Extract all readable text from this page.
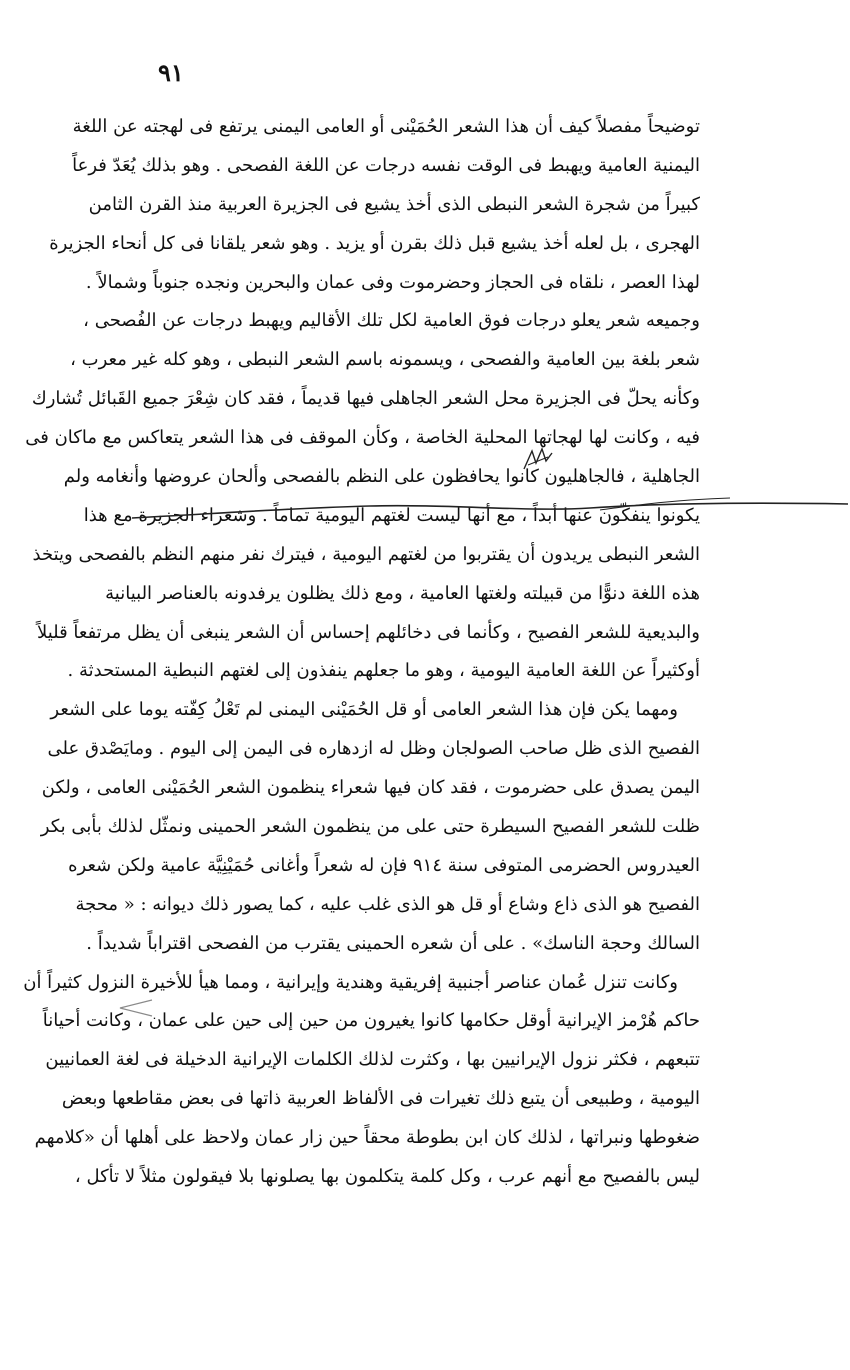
٩١
توضيحاً مفصلاً كيف أن هذا الشعر الحُمَيْنى أو العامى اليمنى يرتفع فى لهجته عن اللغة
اليمنية العامية ويهبط فى الوقت نفسه درجات عن اللغة الفصحى . وهو بذلك يُعَدّ فرعاً
كبيراً من شجرة الشعر النبطى الذى أخذ يشيع فى الجزيرة العربية منذ القرن الثامن
الهجرى ، بل لعله أخذ يشيع قبل ذلك بقرن أو يزيد . وهو شعر يلقانا فى كل أنحاء الجزيرة
لهذا العصر ، نلقاه فى الحجاز وحضرموت وفى عمان والبحرين ونجده جنوباً وشمالاً .
وجميعه شعر يعلو درجات فوق العامية لكل تلك الأقاليم ويهبط درجات عن الفُصحى ،
شعر بلغة بين العامية والفصحى ، ويسمونه باسم الشعر النبطى ، وهو كله غير معرب ،
وكأنه يحلّ فى الجزيرة محل الشعر الجاهلى فيها قديماً ، فقد كان شِعْرَ جميع القَبائل تُشارك
فيه ، وكانت لها لهجاتها المحلية الخاصة ، وكأن الموقف فى هذا الشعر يتعاكس مع ماكان فى
الجاهلية ، فالجاهليون كانوا يحافظون على النظم بالفصحى وألحان عروضها وأنغامه ولم
يكونوا ينفكّون عنها أبداً ، مع أنها ليست لغتهم اليومية تماماً . وشعراء الجزيرة مع هذا
الشعر النبطى يريدون أن يقتربوا من لغتهم اليومية ، فيترك نفر منهم النظم بالفصحى ويتخذ
هذه اللغة دنوًّا من قبيلته ولغتها العامية ، ومع ذلك يظلون يرفدونه بالعناصر البيانية
والبديعية للشعر الفصيح ، وكأنما فى دخائلهم إحساس أن الشعر ينبغى أن يظل مرتفعاً قليلاً
أوكثيراً عن اللغة العامية اليومية ، وهو ما جعلهم ينفذون إلى لغتهم النبطية المستحدثة .
ومهما يكن فإن هذا الشعر العامى أو قل الحُمَيْنى اليمنى لم تَعْلُ كِفّته يوما على الشعر
الفصيح الذى ظل صاحب الصولجان وظل له ازدهاره فى اليمن إلى اليوم . ومايَصْدق على
اليمن يصدق على حضرموت ، فقد كان فيها شعراء ينظمون الشعر الحُمَيْنى العامى ، ولكن
ظلت للشعر الفصيح السيطرة حتى على من ينظمون الشعر الحمينى ونمثّل لذلك بأبى بكر
العيدروس الحضرمى المتوفى سنة ٩١٤ فإن له شعراً وأغانى حُمَيْنِيَّة عامية ولكن شعره
الفصيح هو الذى ذاع وشاع أو قل هو الذى غلب عليه ، كما يصور ذلك ديوانه : « محجة
السالك وحجة الناسك» . على أن شعره الحمينى يقترب من الفصحى اقتراباً شديداً .
وكانت تنزل عُمان عناصر أجنبية إفريقية وهندية وإيرانية ، ومما هيأ للأخيرة النزول كثيراً أن
حاكم هُرْمز الإيرانية أوقل حكامها كانوا يغيرون من حين إلى حين على عمان ، وكانت أحياناً
تتبعهم ، فكثر نزول الإيرانيين بها ، وكثرت لذلك الكلمات الإيرانية الدخيلة فى لغة العمانيين
اليومية ، وطبيعى أن يتبع ذلك تغيرات فى الألفاظ العربية ذاتها فى بعض مقاطعها وبعض
ضغوطها ونبراتها ، لذلك كان ابن بطوطة محقاً حين زار عمان ولاحظ على أهلها أن «كلامهم
ليس بالفصيح مع أنهم عرب ، وكل كلمة يتكلمون بها يصلونها بلا فيقولون مثلاً لا تأكل ،
